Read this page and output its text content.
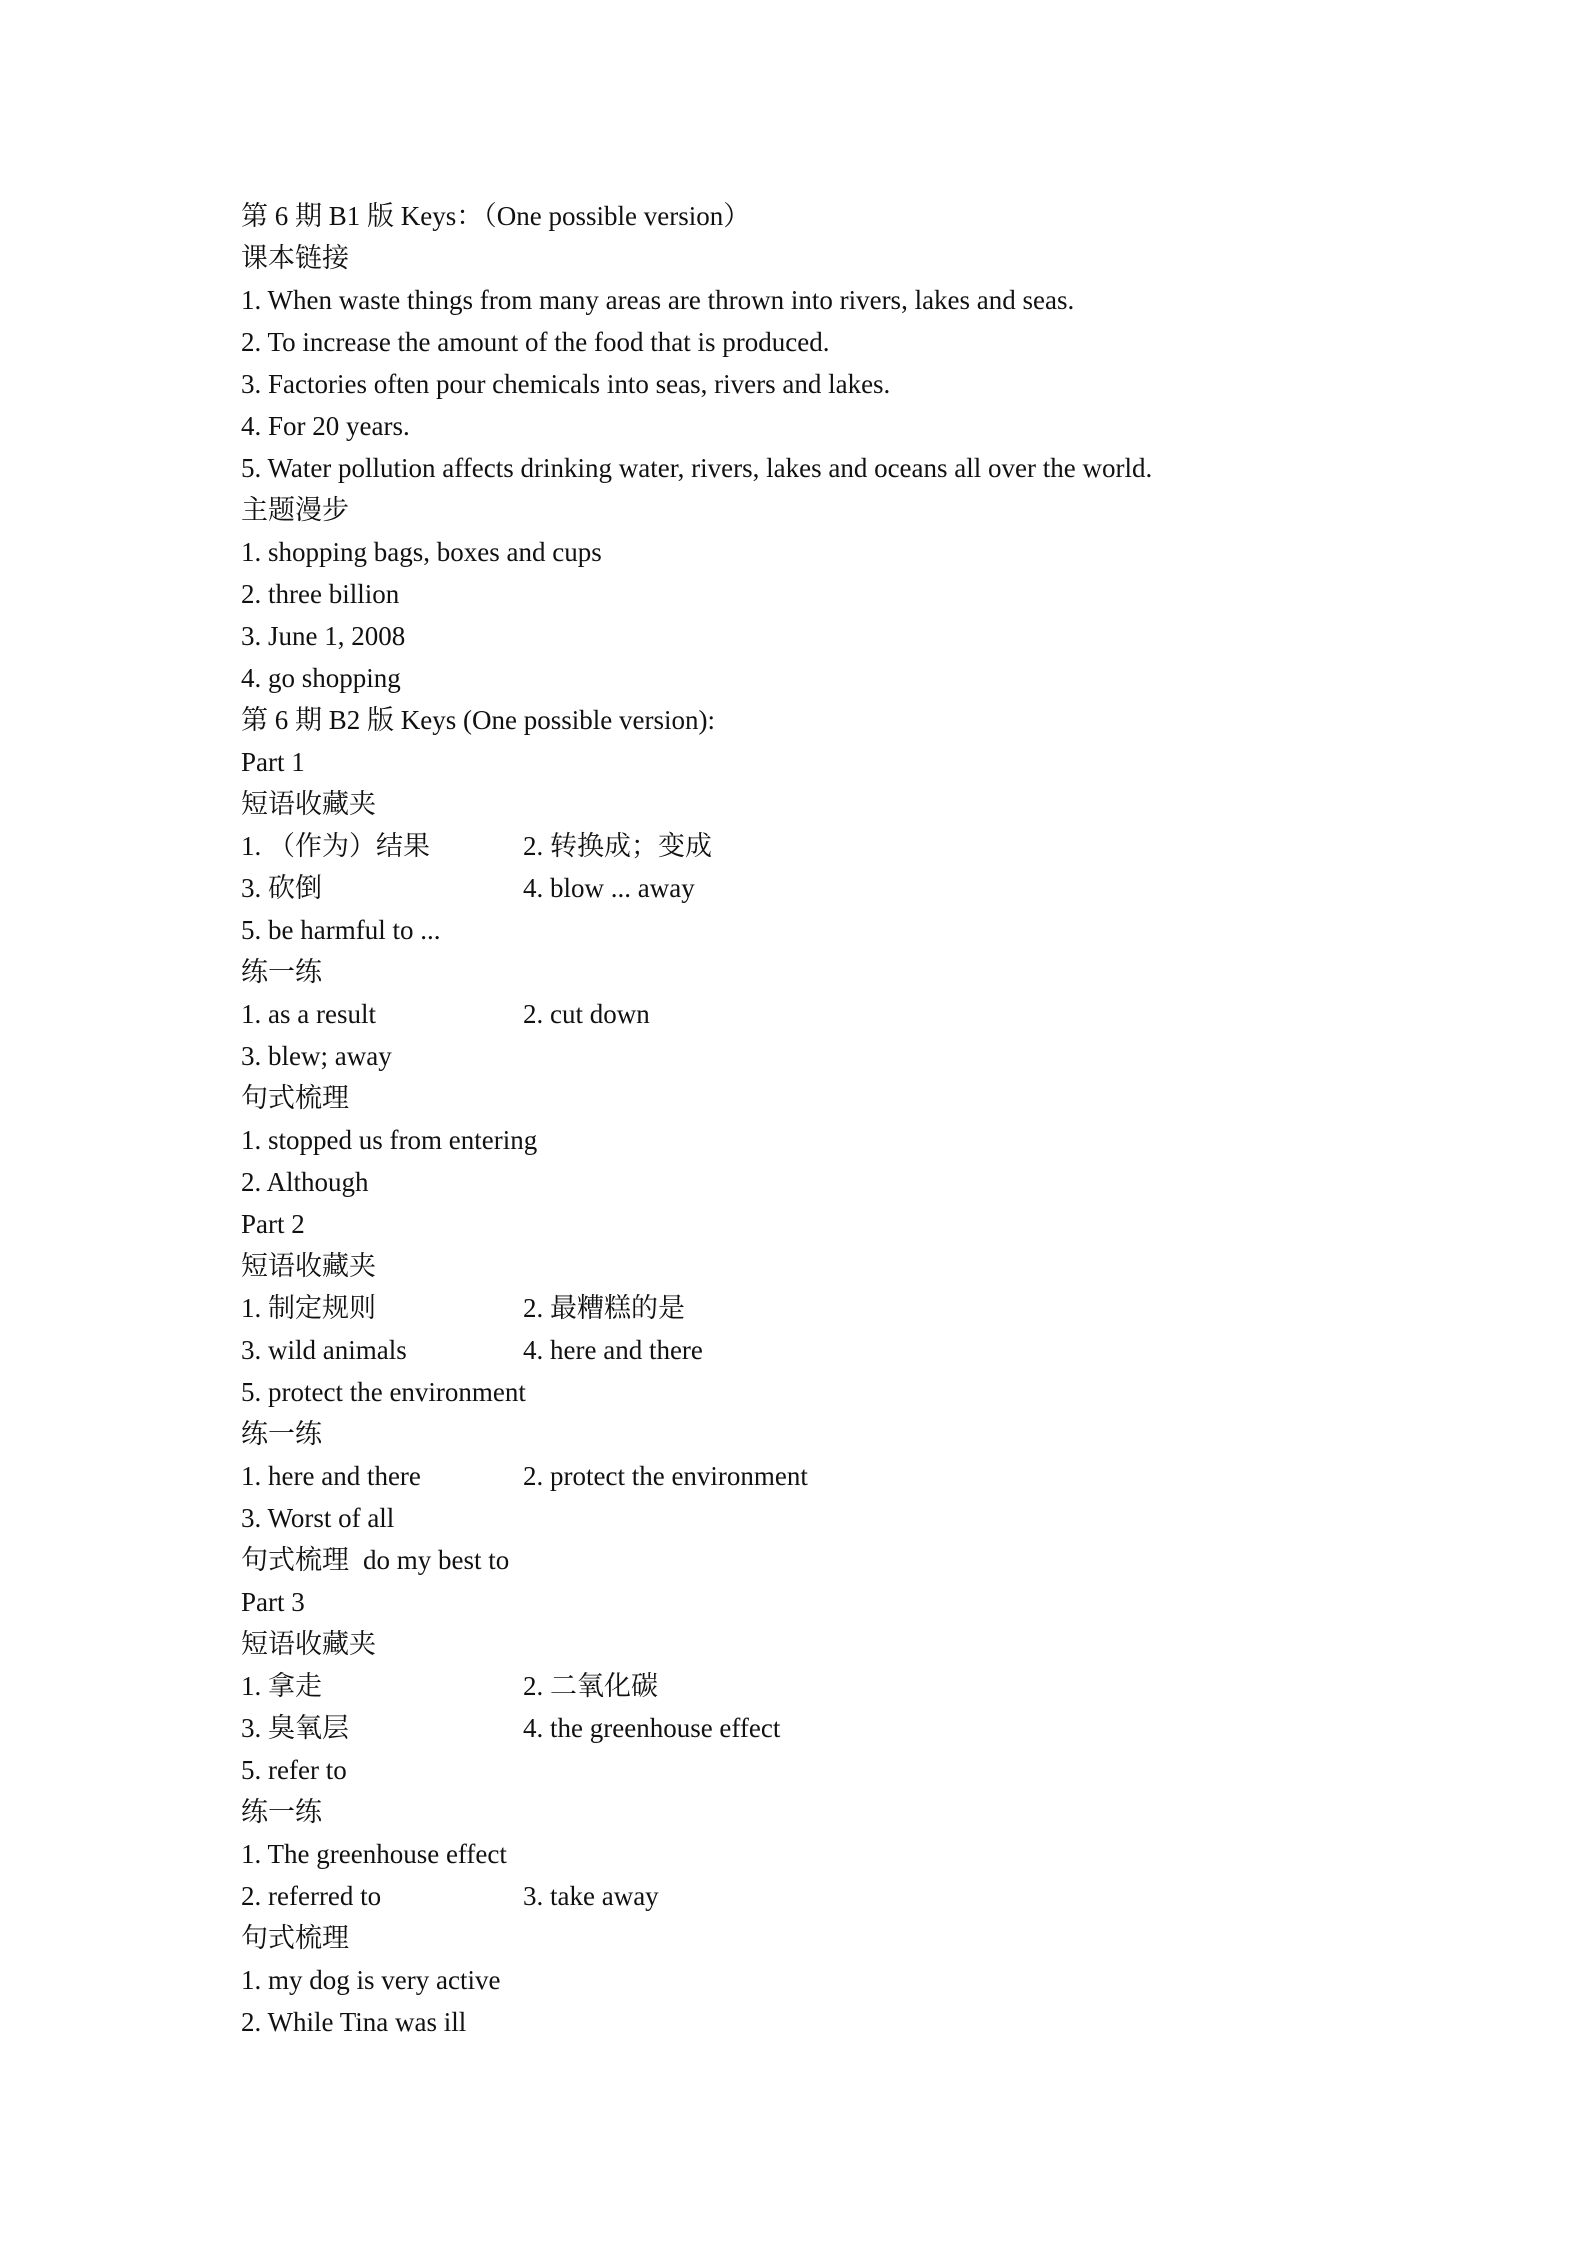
第 6 期 B1 版 Keys：（One possible version）
课本链接
1. When waste things from many areas are thrown into rivers, lakes and seas.
2. To increase the amount of the food that is produced.
3. Factories often pour chemicals into seas, rivers and lakes.
4. For 20 years.
5. Water pollution affects drinking water, rivers, lakes and oceans all over the world.
主题漫步
1. shopping bags, boxes and cups
2. three billion
3. June 1, 2008
4. go shopping
第 6 期 B2 版 Keys (One possible version):
Part 1
短语收藏夹
1. （作为）结果	2. 转换成；变成
3. 砍倒	4. blow ... away
5. be harmful to ...
练一练
1. as a result	2. cut down
3. blew; away
句式梳理
1. stopped us from entering
2. Although
Part 2
短语收藏夹
1. 制定规则	2. 最糟糕的是
3. wild animals	4. here and there
5. protect the environment
练一练
1. here and there	2. protect the environment
3. Worst of all
句式梳理 do my best to
Part 3
短语收藏夹
1. 拿走	2. 二氧化碳
3. 臭氧层	4. the greenhouse effect
5. refer to
练一练
1. The greenhouse effect
2. referred to	3. take away
句式梳理
1. my dog is very active
2. While Tina was ill
